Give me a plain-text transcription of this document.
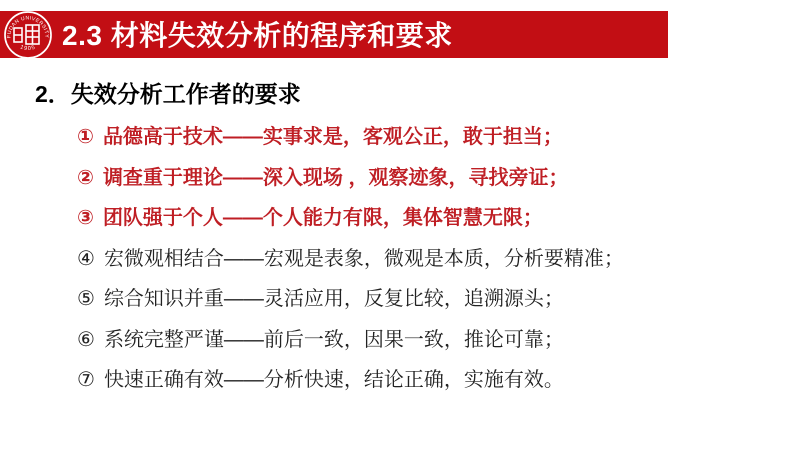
FUDAN UNIVERSITY
1905 2.3 材料失效分析的程序和要求
2．失效分析工作者的要求
① 品德高于技术——实事求是，客观公正，敢于担当；
② 调查重于理论——深入现场 ，观察迹象，寻找旁证；
③ 团队强于个人——个人能力有限，集体智慧无限；
④ 宏微观相结合——宏观是表象，微观是本质，分析要精准；
⑤ 综合知识并重——灵活应用，反复比较，追溯源头；
⑥ 系统完整严谨——前后一致，因果一致，推论可靠；
⑦ 快速正确有效——分析快速，结论正确，实施有效。
